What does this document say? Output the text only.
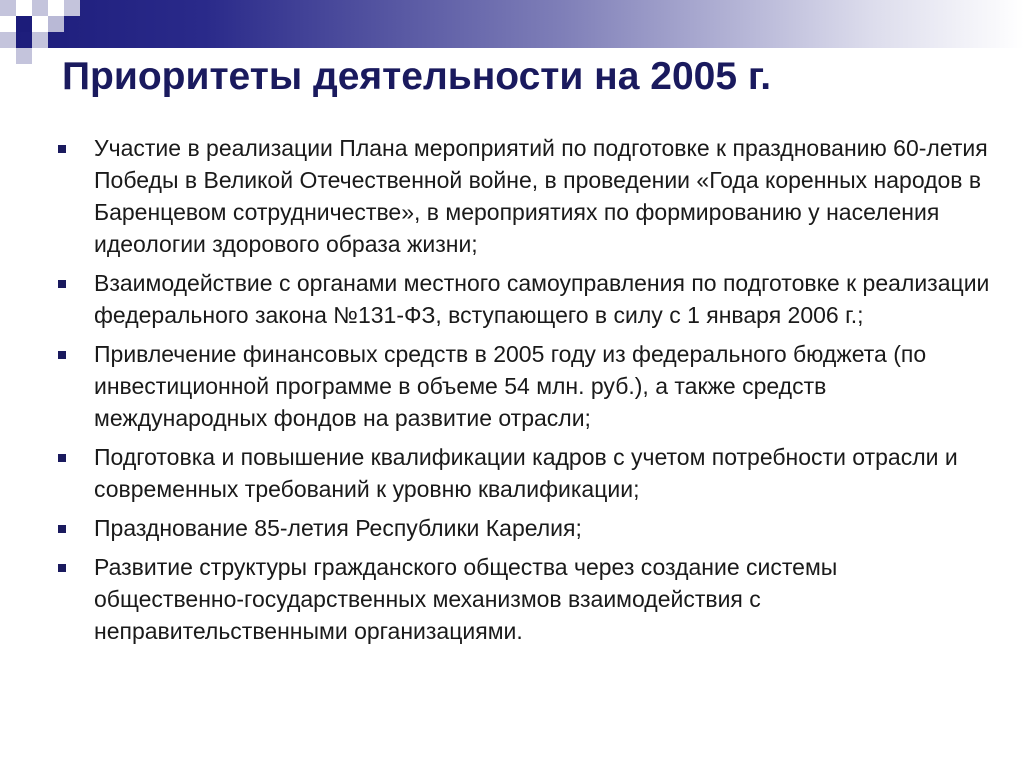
Приоритеты деятельности на 2005 г.
Участие в реализации Плана мероприятий по подготовке к празднованию 60-летия Победы в Великой Отечественной войне, в проведении «Года коренных народов в Баренцевом сотрудничестве», в мероприятиях по формированию у населения идеологии здорового образа жизни;
Взаимодействие с органами местного самоуправления по подготовке к реализации федерального закона №131-ФЗ, вступающего в силу с 1 января 2006 г.;
Привлечение финансовых средств в 2005 году из федерального бюджета (по инвестиционной программе в объеме 54 млн. руб.), а также средств международных фондов на развитие отрасли;
Подготовка и повышение квалификации кадров с учетом потребности отрасли и современных требований к уровню квалификации;
Празднование 85-летия Республики Карелия;
Развитие структуры гражданского общества через создание системы общественно-государственных механизмов взаимодействия с неправительственными организациями.
